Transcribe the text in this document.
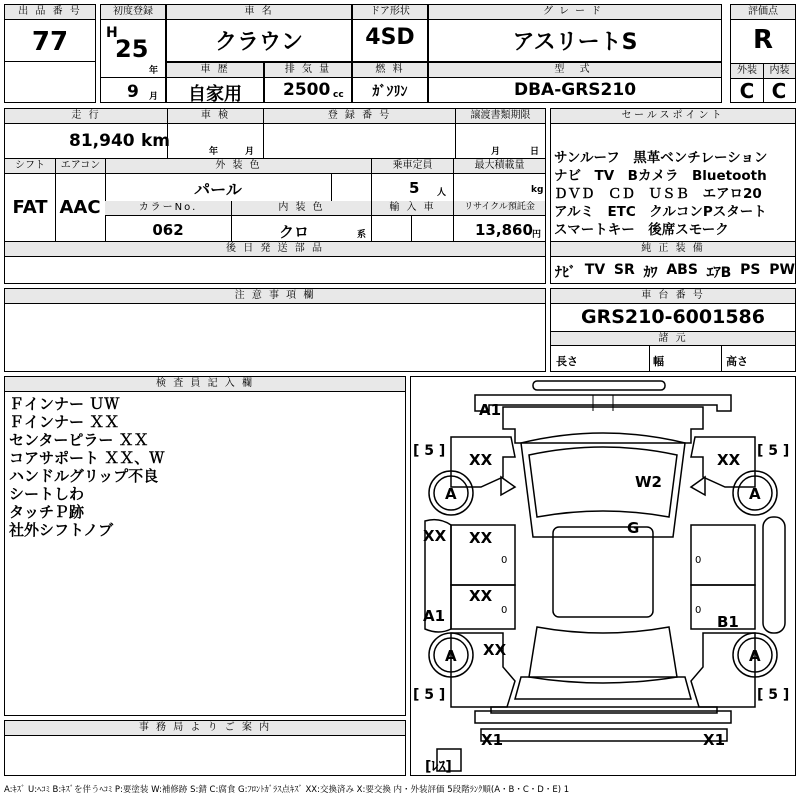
出 品 番 号
77
初度登録
H
25
年
9 月
車 名
クラウン
ドア形状
4SD
グレード
アスリートS
評価点
R
外装	内装
C C
車 歴
自家用
排 気 量
2500 cc
燃 料
ｶﾞｿﾘﾝ
型 式
DBA-GRS210
走 行	車 検	登 録 番 号	譲渡書類期限
81,940 km
年	月	月	日
シフト	エアコン	外 装 色	乗車定員	最大積載量
FAT AAC
パール	5 人	kg
カラーNo.	内 装 色	輸 入 車	リサイクル預託金
062	クロ	系	13,860 円
後 日 発 送 部 品
セールスポイント
サンルーフ　黒革ベンチレーション
ナビ　TV　Bカメラ　Bluetooth
ＤＶＤ　ＣＤ　ＵＳＢ　エアロ20
アルミ　ETC　クルコンPスタート
スマートキー　後席スモーク
純 正 装 備
ﾅﾋﾞ TV SR ｶﾜ ABS ｴｱB PS PW
注 意 事 項 欄	車 台 番 号
GRS210-6001586
諸 元
長さ	幅	高さ
検 査 員 記 入 欄
Ｆインナー ＵＷ
Ｆインナー ＸＸ
センターピラー ＸＸ
コアサポート ＸＸ、Ｗ
ハンドルグリップ不良
シートしわ
タッチＰ跡
社外シフトノブ
事 務 局 よ り ご 案 内
A1
XX	XX
A	A
W2
G
XX XX
XX
A1	B1
A	A
XX
X1	X1
0
0
0
0
[ 5 ]	[ 5 ]
[ 5 ]	[ 5 ]
[ﾚｽ]
A:ｷｽﾞ U:ﾍｺﾐ B:ｷｽﾞを伴うﾍｺﾐ P:要塗装 W:補修跡 S:錆 C:腐食 G:ﾌﾛﾝﾄｶﾞﾗｽ点ｷｽﾞ XX:交換済み X:要交換 内・外装評価 5段階ﾗﾝｸ順(A・B・C・D・E) 1
